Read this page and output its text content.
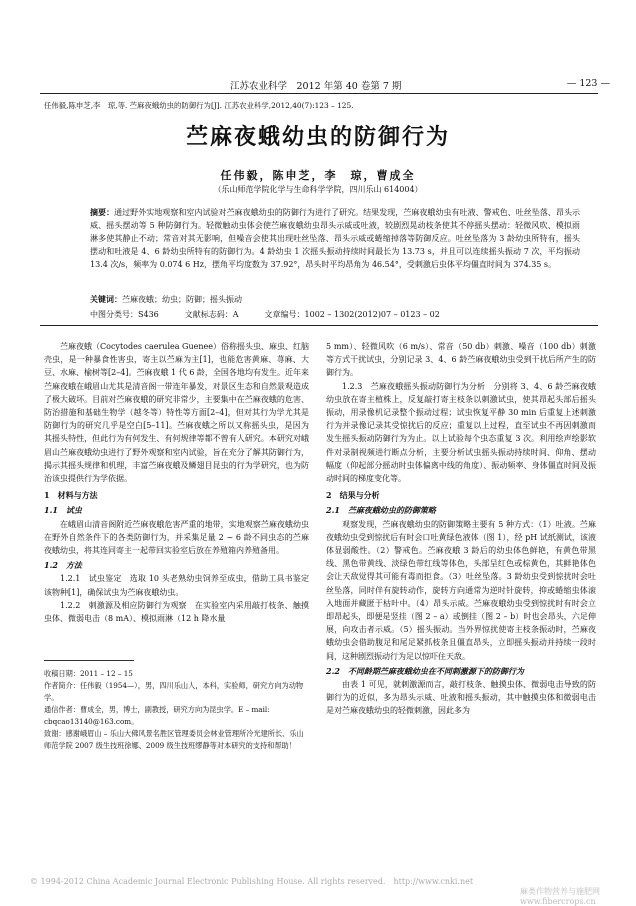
江苏农业科学　2012 年第 40 卷第 7 期	— 123 —
任伟毅,陈申芝,李　琼,等. 苎麻夜蛾幼虫的防御行为[J]. 江苏农业科学,2012,40(7):123 – 125.
苎麻夜蛾幼虫的防御行为
任伟毅，陈申芝，李　琼，曹成全
（乐山师范学院化学与生命科学学院，四川乐山 614004）
摘要：通过野外实地观察和室内试验对苎麻夜蛾幼虫的防御行为进行了研究。结果发现，苎麻夜蛾幼虫有吐液、警戒色、吐丝坠落、昂头示威、摇头摆动等 5 种防御行为。轻微触动虫体会使苎麻夜蛾幼虫昂头示威或吐液，较剧烈晃动枝条使其不停摇头摆动：轻微风吹、模拟雨淋多使其静止不动；常音对其无影响，但噪音会使其出现吐丝坠落、昂头示威或蜷缩掉落等防御反应。吐丝坠落为 3 龄幼虫所特有，摇头摆动和吐液是 4、6 龄幼虫所特有的防御行为。4 龄幼虫 1 次摇头振动持续时间最长为 13.73 s，并且可以连续摇头振动 7 次，平均振动 13.4 次/s，频率为 0.074 6 Hz，摆角平均度数为 37.92°，昂头时平均昂角为 46.54°，受刺激后虫体平均僵直时间为 374.35 s。
关键词：苎麻夜蛾；幼虫；防御；摇头振动
中图分类号：S436	文献标志码：A	文章编号：1002 – 1302(2012)07 – 0123 – 02

苎麻夜蛾（Cocytodes caerulea Guenee）俗称摇头虫、麻虫、红脑壳虫，是一种暴食性害虫，寄主以苎麻为主[1]，也能危害黄麻、荨麻、大豆、水麻、榆树等[2–4]。苎麻夜蛾 1 代 6 龄，全国各地均有发生。近年来苎麻夜蛾在峨眉山尤其是清音阁一带连年暴发，对景区生态和自然景观造成了极大破坏。目前对苎麻夜蛾的研究非常少，主要集中在苎麻夜蛾的危害、防治措施和基础生物学（越冬等）特性等方面[2–4]，但对其行为学尤其是防御行为的研究几乎是空白[5–11]。苎麻夜蛾之所以又称摇头虫，是因为其摇头特性，但此行为有何发生、有何规律等都不曾有人研究。本研究对峨眉山苎麻夜蛾幼虫进行了野外观察和室内试验，旨在充分了解其防御行为，揭示其摇头规律和机理，丰富苎麻夜蛾及鳞翅目昆虫的行为学研究，也为防治该虫提供行为学依据。

1　材料与方法

1.1　试虫

在峨眉山清音阁附近苎麻夜蛾危害严重的地带，实地观察苎麻夜蛾幼虫在野外自然条件下的各类防御行为，并采集足量 2 ~ 6 龄不同虫态的苎麻夜蛾幼虫，将其连同寄主一起带回实验室后放在养殖箱内养殖备用。

1.2　方法

1.2.1　试虫鉴定　选取 10 头老熟幼虫饲养至成虫，借助工具书鉴定该物种[1]，确保试虫为苎麻夜蛾幼虫。

1.2.2　刺激源及相应防御行为观察　在实验室内采用敲打枝条、触摸虫体、微弱电击（8 mA）、模拟雨淋（12 h 降水量

收稿日期：2011 – 12 – 15

作者简介：任伟毅（1954—），男，四川乐山人，本科，实验师，研究方向为动物学。

通信作者：曹成全，男，博士，副教授，研究方向为昆虫学。E – mail: cbqcao13140@163.com。

致谢：感谢峨眉山 – 乐山大佛风景名胜区管理委员会林业管理所冷光建所长、乐山师范学院 2007 级生技班徐娜、2009 级生技班缪静等对本研究的支持和帮助！

5 mm）、轻微风吹（6 m/s）、常音（50 db）刺激、噪音（100 db）刺激等方式干扰试虫，分别记录 3、4、6 龄苎麻夜蛾幼虫受到干扰后所产生的防御行为。

1.2.3　苎麻夜蛾摇头振动防御行为分析　分别将 3、4、6 龄苎麻夜蛾幼虫放在寄主植株上，反复敲打寄主枝条以刺激试虫，使其昂起头部后摇头振动，用录像机记录整个振动过程；试虫恢复平静 30 min 后重复上述刺激行为并录像记录其受惊扰后的反应；重复以上过程，直至试虫不再因刺激而发生摇头振动防御行为为止。以上试验每个虫态重复 3 次。利用绘声绘影软件对录制视频进行断点分析，主要分析试虫摇头振动持续时间、仰角、摆动幅度（仰起部分摇动时虫体偏离中线的角度）、振动频率、身体僵直时间及振动时间的梯度变化等。

2　结果与分析

2.1　苎麻夜蛾幼虫的防御策略

观察发现，苎麻夜蛾幼虫的防御策略主要有 5 种方式：（1）吐液。苎麻夜蛾幼虫受到惊扰后有时会口吐黄绿色液体（图 1），经 pH 试纸测试，该液体显弱酸性。（2）警戒色。苎麻夜蛾 3 龄后的幼虫体色鲜艳，有黄色带黑线、黑色带黄线、淡绿色带红线等体色，头部呈红色或棕黄色，其鲜艳体色会让天敌觉得其可能有毒而拒食。（3）吐丝坠落。3 龄幼虫受到惊扰时会吐丝坠落，同时伴有旋转动作，旋转方向通常为逆时针旋转，抑或蜷缩虫体滚入地面并藏匿于枯叶中。（4）昂头示威。苎麻夜蛾幼虫受到惊扰时有时会立即昂起头，即便是竖挂（图 2 – a）或倒挂（图 2 – b）时也会昂头，六足伸展，向攻击者示威。（5）摇头振动。当外界惊扰使寄主枝条振动时，苎麻夜蛾幼虫会借助腹足和尾足紧抓枝条且僵直昂头，立即摇头振动并持续一段时间，这种剧烈振动行为足以惊吓住天敌。

2.2　不同龄期苎麻夜蛾幼虫在不同刺激源下的防御行为

由表 1 可见，就刺激源而言，敲打枝条、触摸虫体、微弱电击导致的防御行为的近似，多为昂头示威、吐液和摇头振动，其中触摸虫体和微弱电击是对苎麻夜蛾幼虫的轻微刺激，因此多为

© 1994-2012 China Academic Journal Electronic Publishing House. All rights reserved.　http://www.cnki.net
麻类作物营养与施肥网 www.fibercrops.cn
